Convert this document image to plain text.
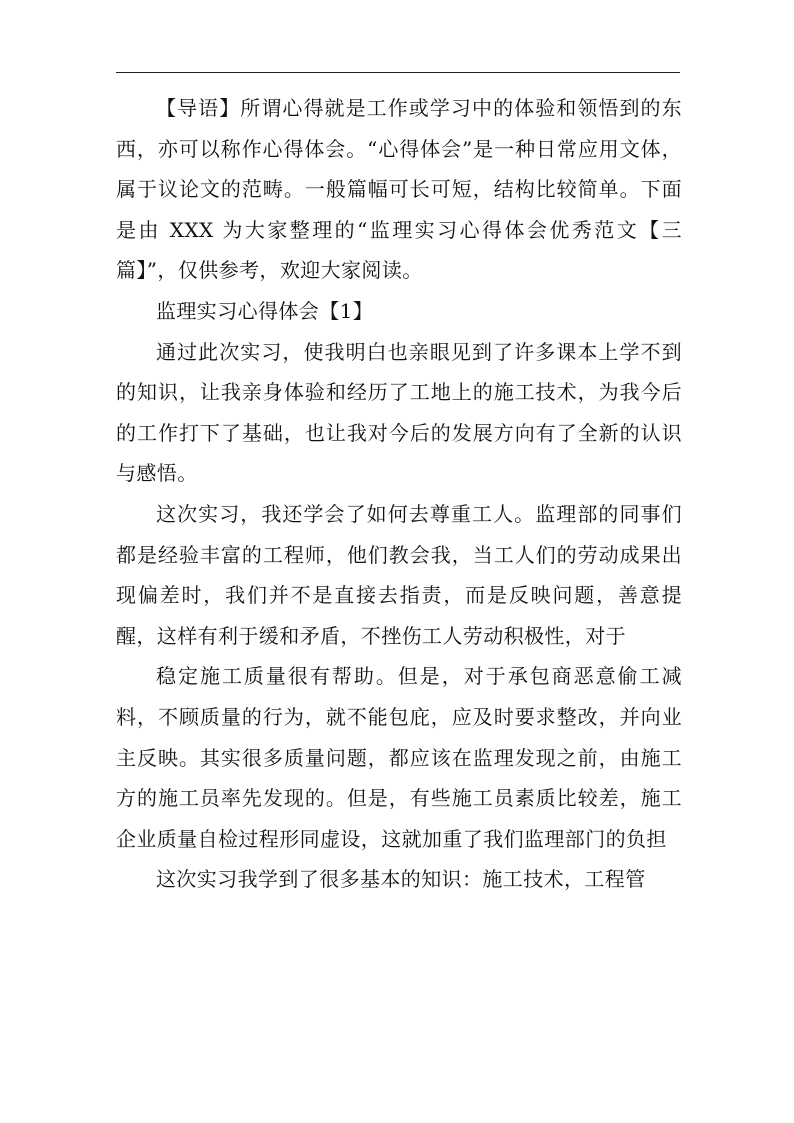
【导语】所谓心得就是工作或学习中的体验和领悟到的东西，亦可以称作心得体会。“心得体会”是一种日常应用文体，属于议论文的范畴。一般篇幅可长可短，结构比较简单。下面是由 XXX 为大家整理的“监理实习心得体会优秀范文【三篇】”，仅供参考，欢迎大家阅读。

监理实习心得体会【1】

通过此次实习，使我明白也亲眼见到了许多课本上学不到的知识，让我亲身体验和经历了工地上的施工技术，为我今后的工作打下了基础，也让我对今后的发展方向有了全新的认识与感悟。

这次实习，我还学会了如何去尊重工人。监理部的同事们都是经验丰富的工程师，他们教会我，当工人们的劳动成果出现偏差时，我们并不是直接去指责，而是反映问题，善意提醒，这样有利于缓和矛盾，不挫伤工人劳动积极性，对于

稳定施工质量很有帮助。但是，对于承包商恶意偷工减料，不顾质量的行为，就不能包庇，应及时要求整改，并向业主反映。其实很多质量问题，都应该在监理发现之前，由施工方的施工员率先发现的。但是，有些施工员素质比较差，施工企业质量自检过程形同虚设，这就加重了我们监理部门的负担

这次实习我学到了很多基本的知识：施工技术，工程管
